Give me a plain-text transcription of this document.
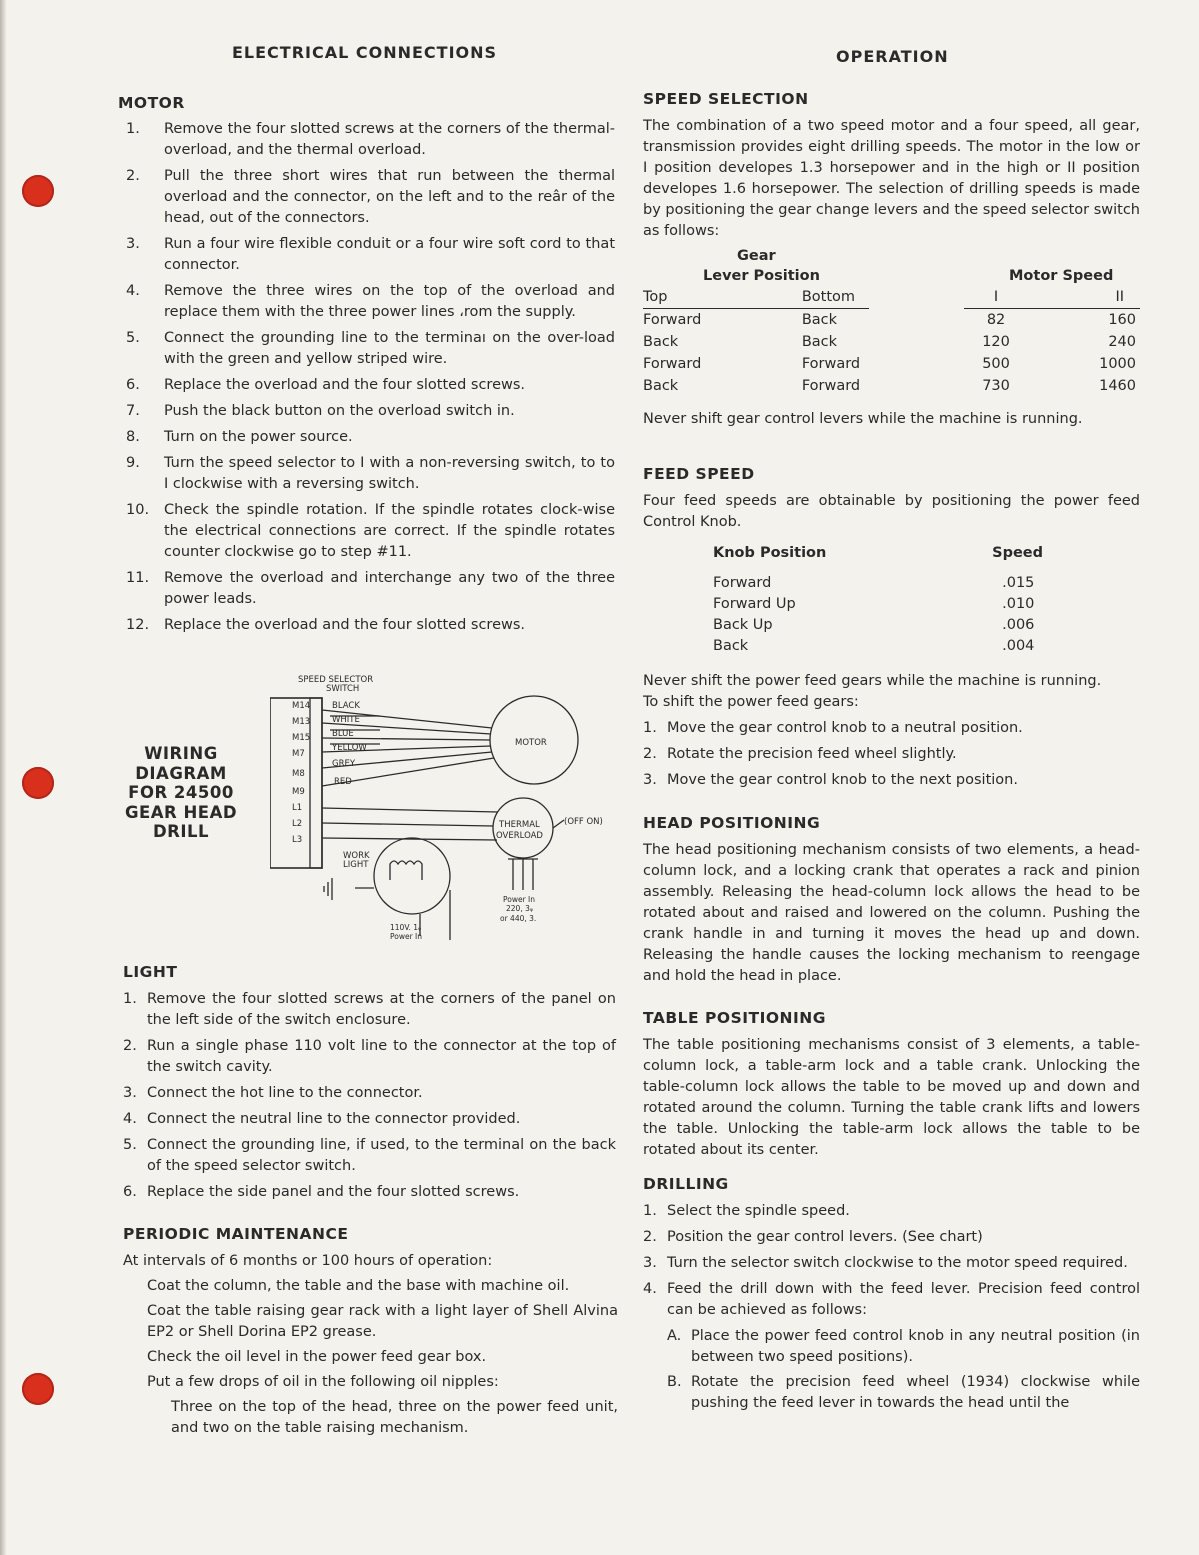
ELECTRICAL CONNECTIONS	OPERATION
MOTOR
1. Remove the four slotted screws at the corners of the thermal-overload, and the thermal overload.
2. Pull the three short wires that run between the thermal overload and the connector, on the left and to the reâr of the head, out of the connectors.
3. Run a four wire flexible conduit or a four wire soft cord to that connector.
4. Remove the three wires on the top of the overload and replace them with the three power lines ،rom the supply.
5. Connect the grounding line to the terminaı on the over-load with the green and yellow striped wire.
6. Replace the overload and the four slotted screws.
7. Push the black button on the overload switch in.
8. Turn on the power source.
9. Turn the speed selector to I with a non-reversing switch, to to I clockwise with a reversing switch.
10. Check the spindle rotation. If the spindle rotates clock-wise the electrical connections are correct. If the spindle rotates counter clockwise go to step #11.
11. Remove the overload and interchange any two of the three power leads.
12. Replace the overload and the four slotted screws.
WIRING
DIAGRAM
FOR 24500
GEAR HEAD
DRILL
SPEED SELECTOR
SWITCH
M14
M13
M15
M7
M8
M9
L1
L2
L3
BLACK
WHITE
BLUE
YELLOW
GREY
RED
MOTOR
THERMAL
OVERLOAD
(OFF ON)
WORK
LIGHT
Power In
220, 3ᵩ
or 440, 3.
110V. 1ᵩ
Power In
LIGHT
1. Remove the four slotted screws at the corners of the panel on the left side of the switch enclosure.
2. Run a single phase 110 volt line to the connector at the top of the switch cavity.
3. Connect the hot line to the connector.
4. Connect the neutral line to the connector provided.
5. Connect the grounding line, if used, to the terminal on the back of the speed selector switch.
6. Replace the side panel and the four slotted screws.
PERIODIC MAINTENANCE

At intervals of 6 months or 100 hours of operation:

Coat the column, the table and the base with machine oil.

Coat the table raising gear rack with a light layer of Shell Alvina EP2 or Shell Dorina EP2 grease.

Check the oil level in the power feed gear box.

Put a few drops of oil in the following oil nipples:

Three on the top of the head, three on the power feed unit, and two on the table raising mechanism.

SPEED SELECTION

The combination of a two speed motor and a four speed, all gear, transmission provides eight drilling speeds. The motor in the low or I position developes 1.3 horsepower and in the high or II position developes 1.6 horsepower. The selection of drilling speeds is made by positioning the gear change levers and the speed selector switch as follows:

Gear
Lever Position	Motor Speed
Top	Bottom		I	II
Forward	Back		82	160
Back	Back		120	240
Forward	Forward		500	1000
Back	Forward		730	1460

Never shift gear control levers while the machine is running.

FEED SPEED

Four feed speeds are obtainable by positioning the power feed Control Knob.

Knob Position	Speed
Forward	.015
Forward Up	.010
Back Up	.006
Back	.004

Never shift the power feed gears while the machine is running.

To shift the power feed gears:

1. Move the gear control knob to a neutral position.
2. Rotate the precision feed wheel slightly.
3. Move the gear control knob to the next position.
HEAD POSITIONING

The head positioning mechanism consists of two elements, a head-column lock, and a locking crank that operates a rack and pinion assembly. Releasing the head-column lock allows the head to be rotated about and raised and lowered on the column. Pushing the crank handle in and turning it moves the head up and down. Releasing the handle causes the locking mechanism to reengage and hold the head in place.

TABLE POSITIONING

The table positioning mechanisms consist of 3 elements, a table-column lock, a table-arm lock and a table crank. Unlocking the table-column lock allows the table to be moved up and down and rotated around the column. Turning the table crank lifts and lowers the table. Unlocking the table-arm lock allows the table to be rotated about its center.

DRILLING
1. Select the spindle speed.
2. Position the gear control levers. (See chart)
3. Turn the selector switch clockwise to the motor speed required.
4. Feed the drill down with the feed lever. Precision feed control can be achieved as follows:
A. Place the power feed control knob in any neutral position (in between two speed positions).
B. Rotate the precision feed wheel (1934) clockwise while pushing the feed lever in towards the head until the
